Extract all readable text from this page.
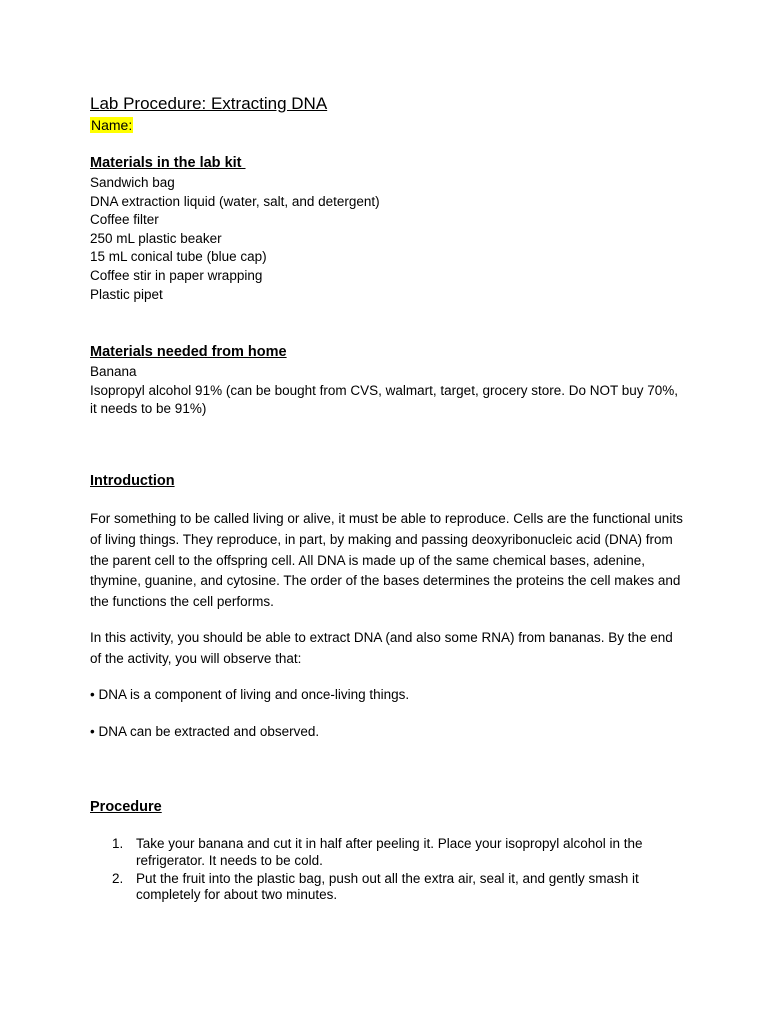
Lab Procedure: Extracting DNA
Name:
Materials in the lab kit
Sandwich bag
DNA extraction liquid (water, salt, and detergent)
Coffee filter
250 mL plastic beaker
15 mL conical tube (blue cap)
Coffee stir in paper wrapping
Plastic pipet
Materials needed from home
Banana
Isopropyl alcohol 91% (can be bought from CVS, walmart, target, grocery store. Do NOT buy 70%, it needs to be 91%)
Introduction

For something to be called living or alive, it must be able to reproduce. Cells are the functional units of living things. They reproduce, in part, by making and passing deoxyribonucleic acid (DNA) from the parent cell to the offspring cell. All DNA is made up of the same chemical bases, adenine, thymine, guanine, and cytosine. The order of the bases determines the proteins the cell makes and the functions the cell performs.

In this activity, you should be able to extract DNA (and also some RNA) from bananas. By the end of the activity, you will observe that:

• DNA is a component of living and once-living things.
• DNA can be extracted and observed.
Procedure
1. Take your banana and cut it in half after peeling it. Place your isopropyl alcohol in the refrigerator. It needs to be cold.
2. Put the fruit into the plastic bag, push out all the extra air, seal it, and gently smash it completely for about two minutes.
